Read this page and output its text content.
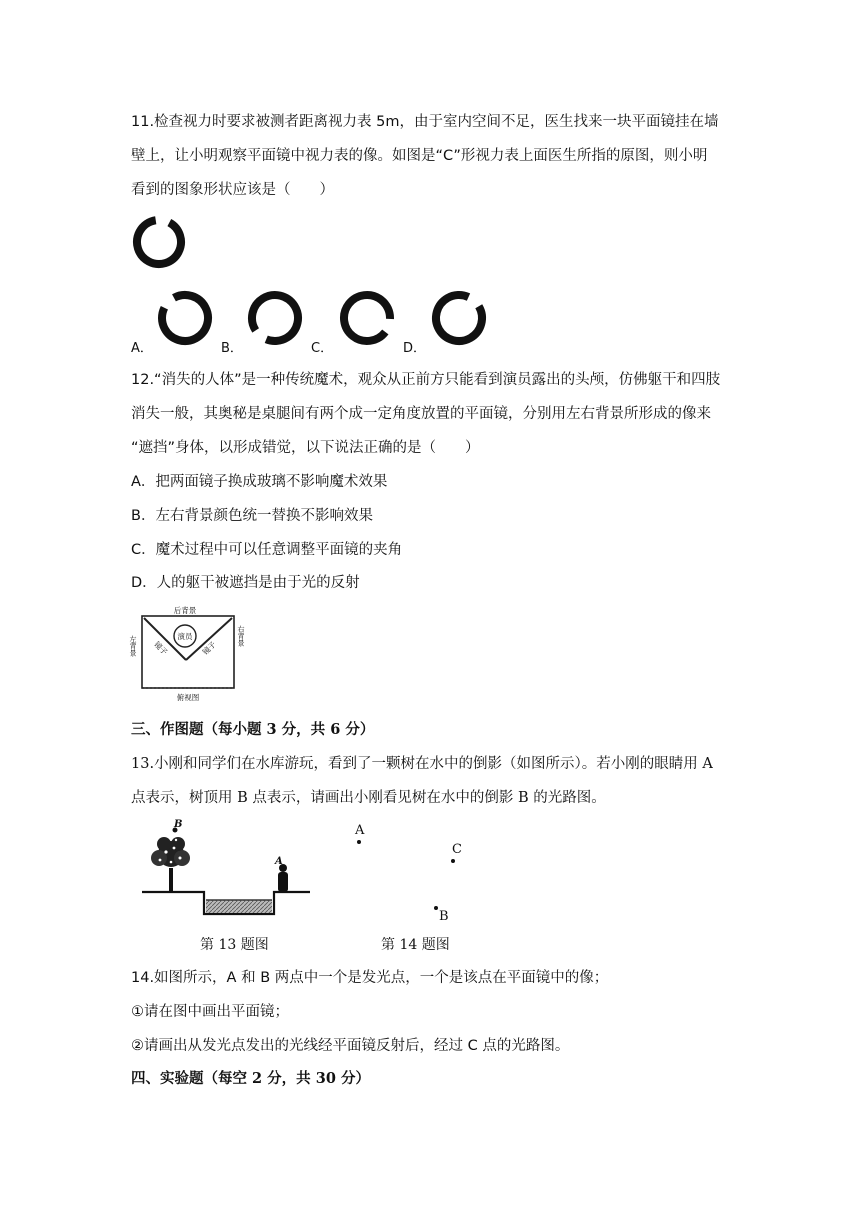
11.检查视力时要求被测者距离视力表 5m，由于室内空间不足，医生找来一块平面镜挂在墙
壁上，让小明观察平面镜中视力表的像。如图是“C”形视力表上面医生所指的原图，则小明
看到的图象形状应该是（　　）
A．	B．	C．	D．
12.“消失的人体”是一种传统魔术，观众从正前方只能看到演员露出的头颅，仿佛躯干和四肢
消失一般，其奥秘是桌腿间有两个成一定角度放置的平面镜，分别用左右背景所形成的像来
“遮挡”身体，以形成错觉，以下说法正确的是（　　）
A．把两面镜子换成玻璃不影响魔术效果
B．左右背景颜色统一替换不影响效果
C．魔术过程中可以任意调整平面镜的夹角
D．人的躯干被遮挡是由于光的反射
后背景
演员
镜子	镜子
左背景	右背景
俯视图
三、作图题（每小题 3 分，共 6 分）
13.小刚和同学们在水库游玩，看到了一颗树在水中的倒影（如图所示）。若小刚的眼睛用 A
点表示，树顶用 B 点表示，请画出小刚看见树在水中的倒影 B 的光路图。
B
A
A
C
B
第 13 题图	第 14 题图
14.如图所示，A 和 B 两点中一个是发光点，一个是该点在平面镜中的像；
①请在图中画出平面镜；
②请画出从发光点发出的光线经平面镜反射后，经过 C 点的光路图。
四、实验题（每空 2 分，共 30 分）
